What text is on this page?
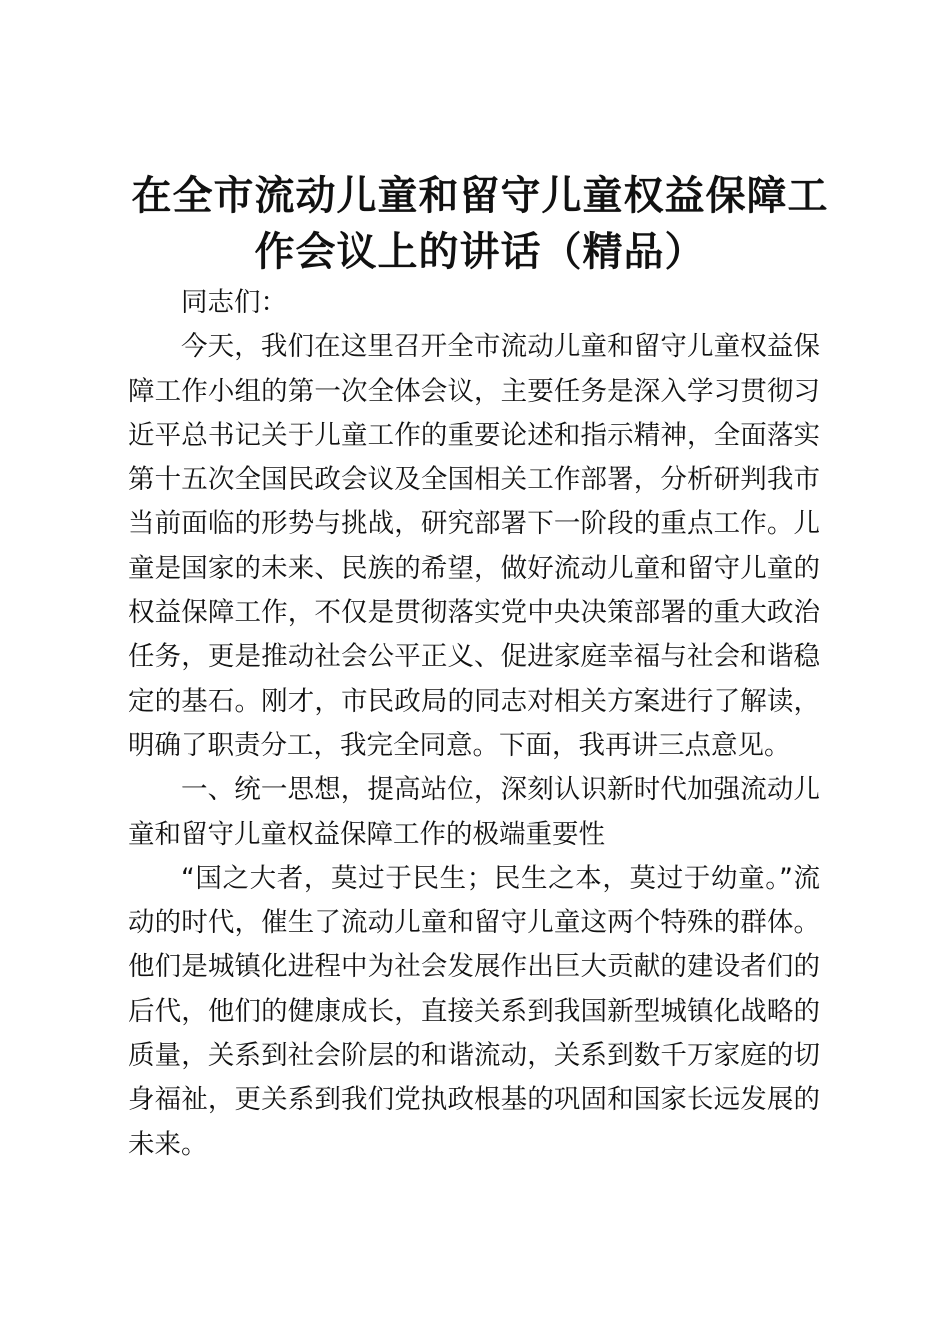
在全市流动儿童和留守儿童权益保障工
作会议上的讲话（精品）

同志们：

今天，我们在这里召开全市流动儿童和留守儿童权益保障工作小组的第一次全体会议，主要任务是深入学习贯彻习近平总书记关于儿童工作的重要论述和指示精神，全面落实第十五次全国民政会议及全国相关工作部署，分析研判我市当前面临的形势与挑战，研究部署下一阶段的重点工作。儿童是国家的未来、民族的希望，做好流动儿童和留守儿童的权益保障工作，不仅是贯彻落实党中央决策部署的重大政治任务，更是推动社会公平正义、促进家庭幸福与社会和谐稳定的基石。刚才，市民政局的同志对相关方案进行了解读，明确了职责分工，我完全同意。下面，我再讲三点意见。

一、统一思想，提高站位，深刻认识新时代加强流动儿童和留守儿童权益保障工作的极端重要性

“国之大者，莫过于民生；民生之本，莫过于幼童。”流动的时代，催生了流动儿童和留守儿童这两个特殊的群体。他们是城镇化进程中为社会发展作出巨大贡献的建设者们的后代，他们的健康成长，直接关系到我国新型城镇化战略的质量，关系到社会阶层的和谐流动，关系到数千万家庭的切身福祉，更关系到我们党执政根基的巩固和国家长远发展的未来。
